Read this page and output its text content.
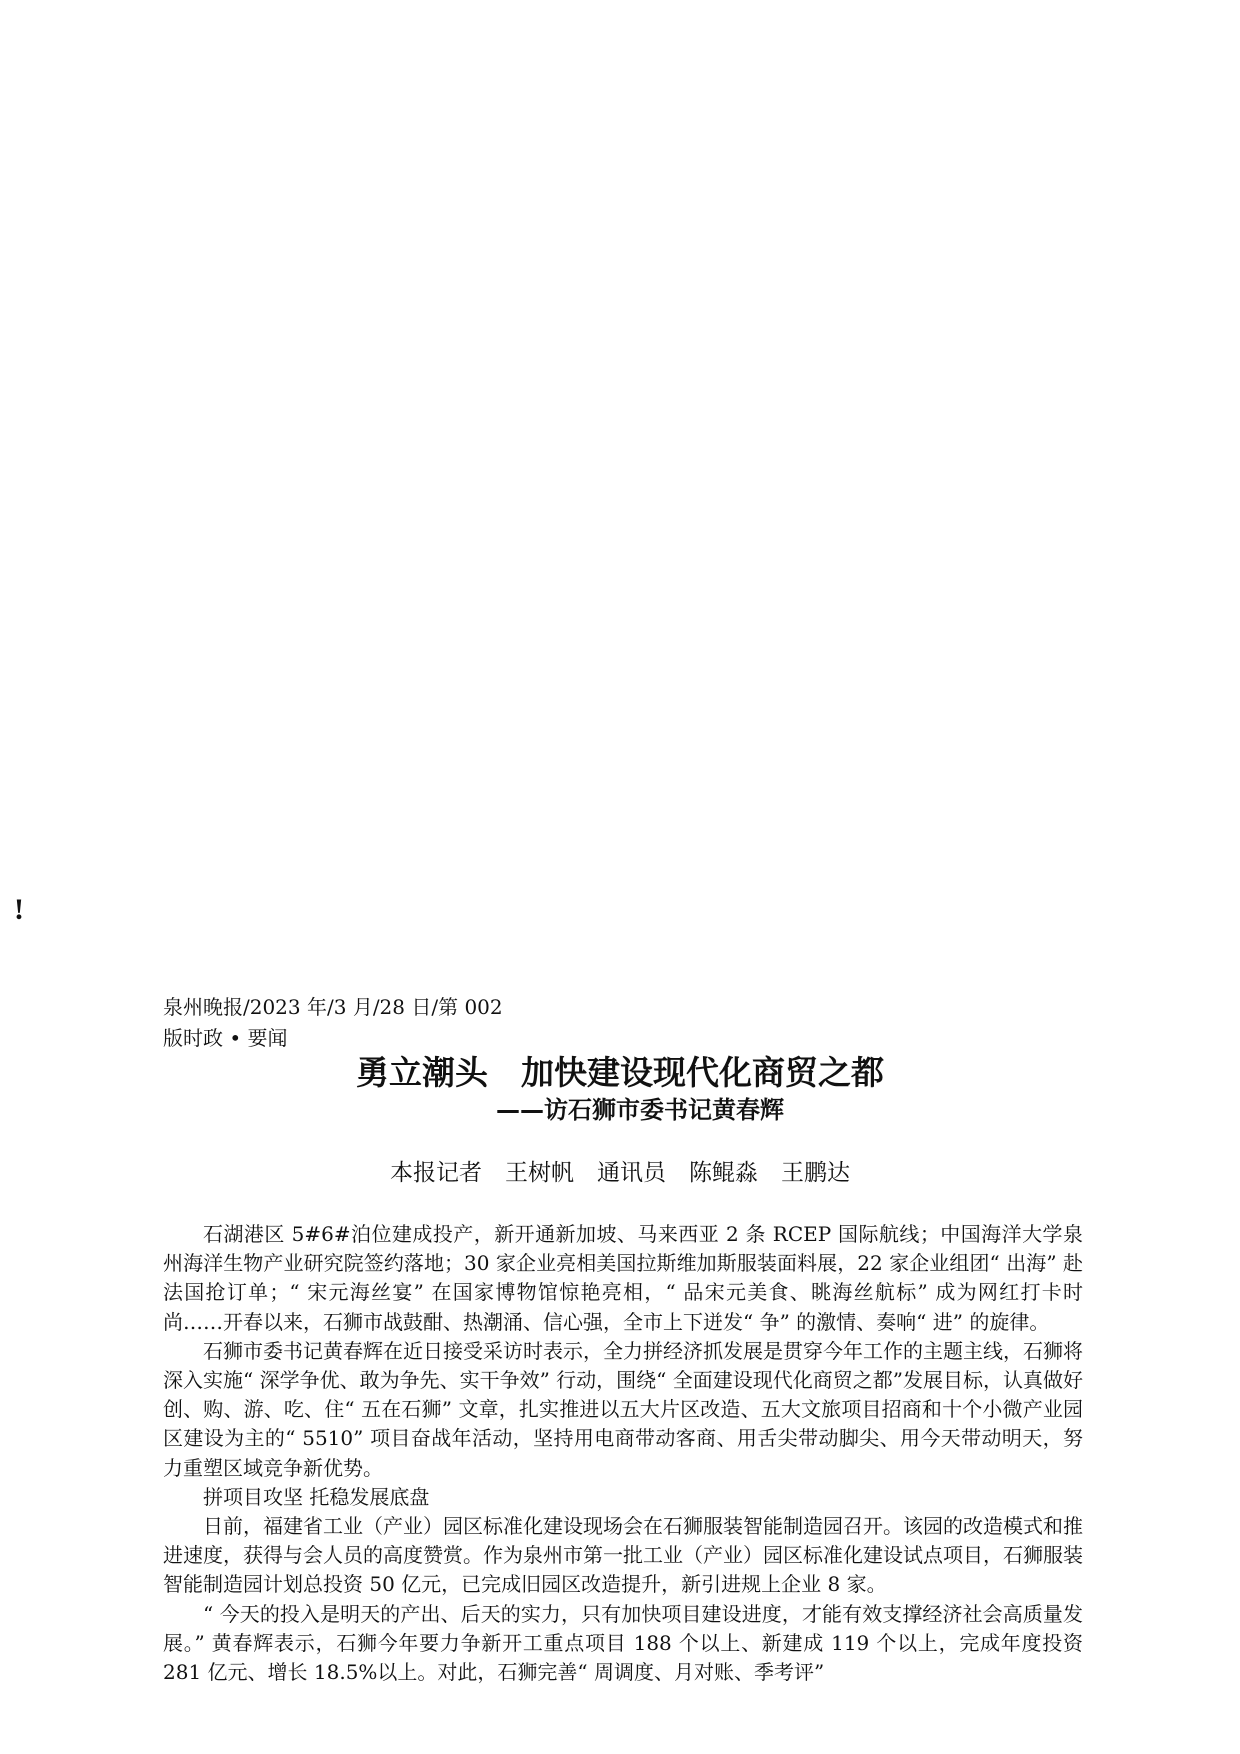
!
泉州晚报/2023 年/3 月/28 日/第 002
版时政 • 要闻
勇立潮头　加快建设现代化商贸之都
——访石狮市委书记黄春辉
本报记者　王树帆　通讯员　陈鲲淼　王鹏达

石湖港区 5#6#泊位建成投产，新开通新加坡、马来西亚 2 条 RCEP 国际航线；中国海洋大学泉州海洋生物产业研究院签约落地；30 家企业亮相美国拉斯维加斯服装面料展，22 家企业组团“ 出海” 赴法国抢订单；“ 宋元海丝宴” 在国家博物馆惊艳亮相，“ 品宋元美食、眺海丝航标” 成为网红打卡时尚……开春以来，石狮市战鼓酣、热潮涌、信心强，全市上下迸发“ 争” 的激情、奏响“ 进” 的旋律。

石狮市委书记黄春辉在近日接受采访时表示，全力拼经济抓发展是贯穿今年工作的主题主线，石狮将深入实施“ 深学争优、敢为争先、实干争效” 行动，围绕“ 全面建设现代化商贸之都”发展目标，认真做好创、购、游、吃、住“ 五在石狮” 文章，扎实推进以五大片区改造、五大文旅项目招商和十个小微产业园区建设为主的“ 5510” 项目奋战年活动，坚持用电商带动客商、用舌尖带动脚尖、用今天带动明天，努力重塑区域竞争新优势。

拼项目攻坚 托稳发展底盘

日前，福建省工业（产业）园区标准化建设现场会在石狮服装智能制造园召开。该园的改造模式和推进速度，获得与会人员的高度赞赏。作为泉州市第一批工业（产业）园区标准化建设试点项目，石狮服装智能制造园计划总投资 50 亿元，已完成旧园区改造提升，新引进规上企业 8 家。

“ 今天的投入是明天的产出、后天的实力，只有加快项目建设进度，才能有效支撑经济社会高质量发展。” 黄春辉表示，石狮今年要力争新开工重点项目 188 个以上、新建成 119 个以上，完成年度投资 281 亿元、增长 18.5%以上。对此，石狮完善“ 周调度、月对账、季考评”
